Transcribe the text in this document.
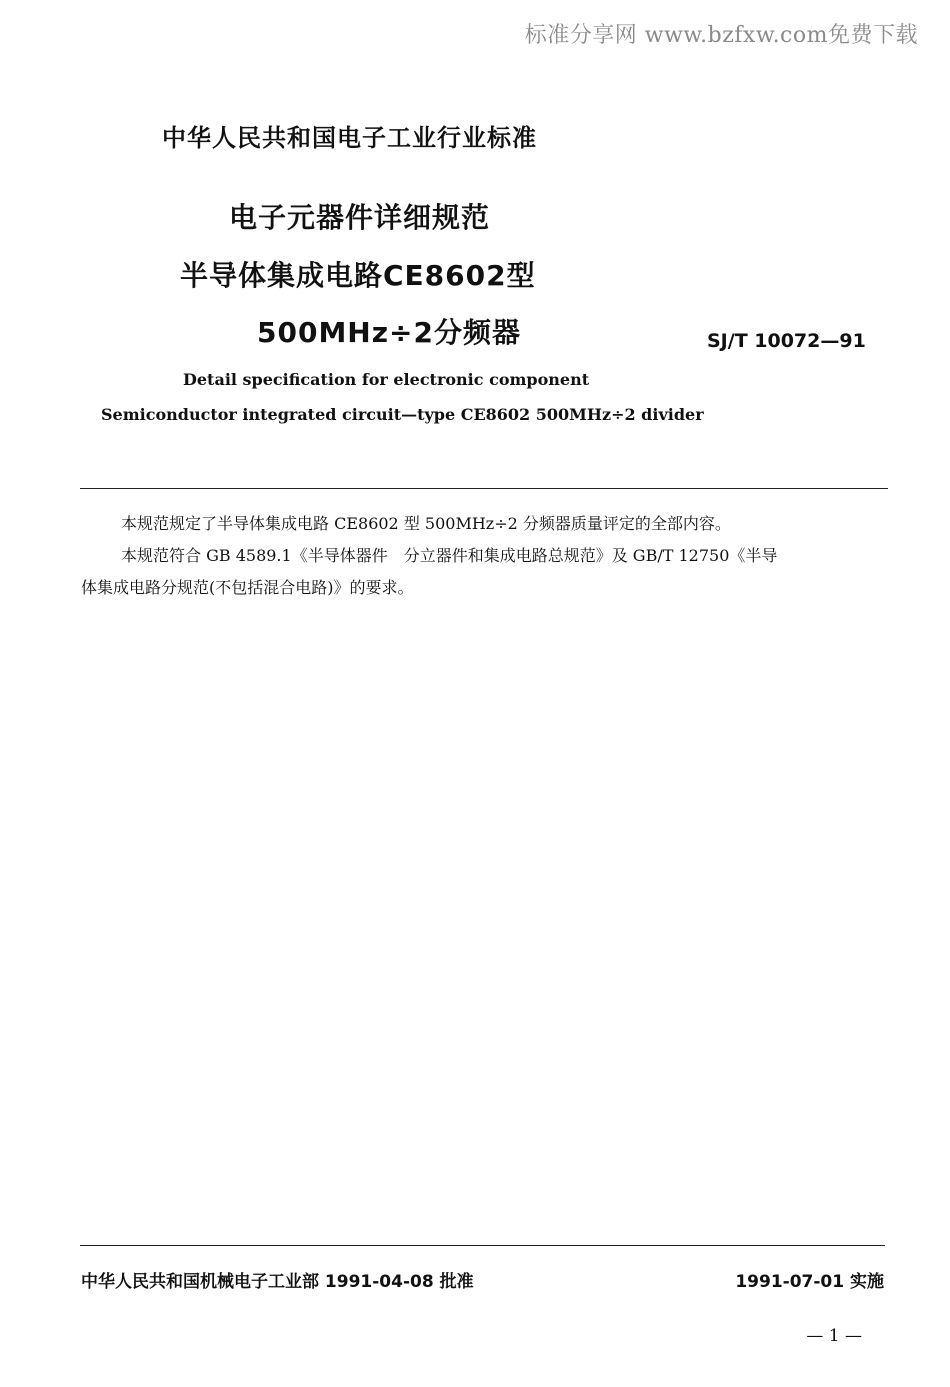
标准分享网 www.bzfxw.com免费下载
中华人民共和国电子工业行业标准
电子元器件详细规范
半导体集成电路CE8602型
500MHz÷2分频器	SJ/T 10072—91
Detail specification for electronic component
Semiconductor integrated circuit—type CE8602 500MHz÷2 divider
本规范规定了半导体集成电路 CE8602 型 500MHz÷2 分频器质量评定的全部内容。
本规范符合 GB 4589.1《半导体器件　分立器件和集成电路总规范》及 GB/T 12750《半导
体集成电路分规范(不包括混合电路)》的要求。
中华人民共和国机械电子工业部 1991-04-08 批准	1991-07-01 实施
— 1 —
